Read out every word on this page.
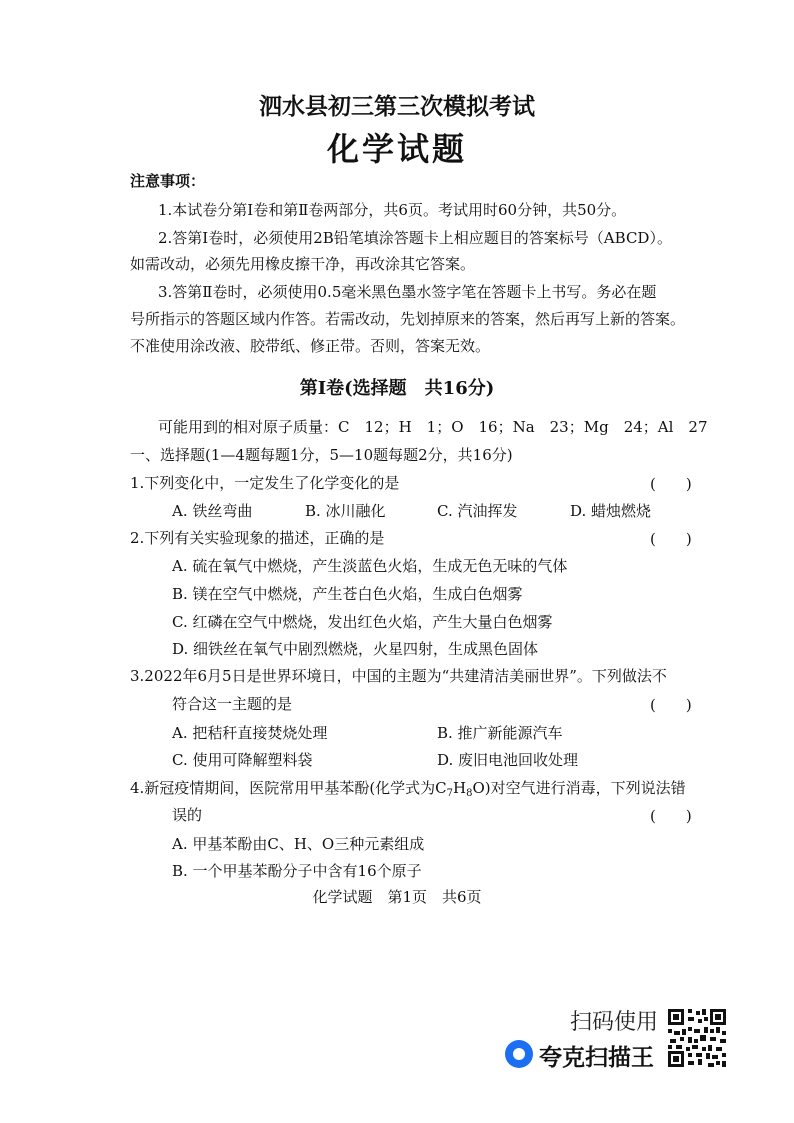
泗水县初三第三次模拟考试
化学试题
注意事项：
1.本试卷分第Ⅰ卷和第Ⅱ卷两部分，共6页。考试用时60分钟，共50分。
2.答第Ⅰ卷时，必须使用2B铅笔填涂答题卡上相应题目的答案标号（ABCD）。
如需改动，必须先用橡皮擦干净，再改涂其它答案。
3.答第Ⅱ卷时，必须使用0.5毫米黑色墨水签字笔在答题卡上书写。务必在题
号所指示的答题区域内作答。若需改动，先划掉原来的答案，然后再写上新的答案。
不准使用涂改液、胶带纸、修正带。否则，答案无效。
第Ⅰ卷(选择题　共16分)
可能用到的相对原子质量：C　12；H　1；O　16；Na　23；Mg　24；Al　27
一、选择题(1—4题每题1分，5—10题每题2分，共16分)
1.下列变化中，一定发生了化学变化的是	(　　)
A. 铁丝弯曲	B. 冰川融化	C. 汽油挥发	D. 蜡烛燃烧
2.下列有关实验现象的描述，正确的是	(　　)
A. 硫在氧气中燃烧，产生淡蓝色火焰，生成无色无味的气体
B. 镁在空气中燃烧，产生苍白色火焰，生成白色烟雾
C. 红磷在空气中燃烧，发出红色火焰，产生大量白色烟雾
D. 细铁丝在氧气中剧烈燃烧，火星四射，生成黑色固体
3.2022年6月5日是世界环境日，中国的主题为“共建清洁美丽世界”。下列做法不
符合这一主题的是	(　　)
A. 把秸秆直接焚烧处理	B. 推广新能源汽车
C. 使用可降解塑料袋	D. 废旧电池回收处理
4.新冠疫情期间，医院常用甲基苯酚(化学式为$C_7H_8O$)对空气进行消毒，下列说法错
误的	(　　)
A. 甲基苯酚由C、H、O三种元素组成
B. 一个甲基苯酚分子中含有16个原子
化学试题　第1页　共6页
扫码使用
夸克扫描王
